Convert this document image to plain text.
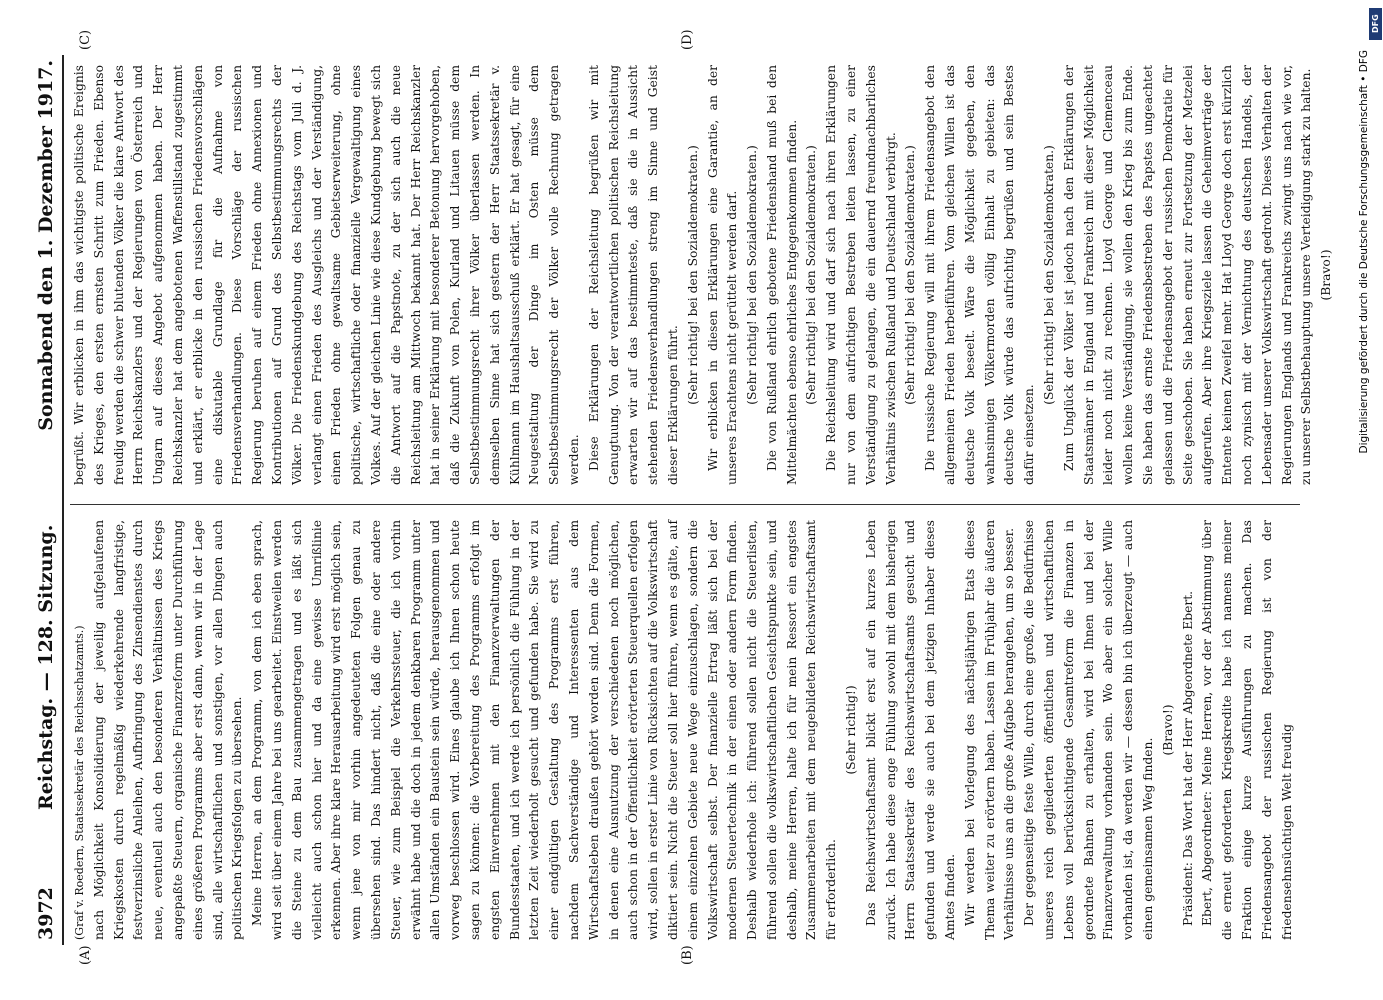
3972
Reichstag. — 128. Sitzung.
Sonnabend den 1. Dezember 1917.
(A)	(B)
(C)	(D)

(Graf v. Roedern, Staatssekretär des Reichsschatzamts.) nach Möglichkeit Konsolidierung der jeweilig aufgelaufenen Kriegskosten durch regelmäßig wiederkehrende langfristige, festverzinsliche Anleihen, Aufbringung des Zinsendienstes durch neue, eventuell auch den besonderen Verhältnissen des Kriegs angepaßte Steuern, organische Finanzreform unter Durchführung eines größeren Programms aber erst dann, wenn wir in der Lage sind, alle wirtschaftlichen und sonstigen, vor allen Dingen auch politischen Kriegsfolgen zu übersehen. Meine Herren, an dem Programm, von dem ich eben sprach, wird seit über einem Jahre bei uns gearbeitet. Einstweilen werden die Steine zu dem Bau zusammengetragen und es läßt sich vielleicht auch schon hier und da eine gewisse Umrißlinie erkennen. Aber ihre klare Herausarbeitung wird erst möglich sein, wenn jene von mir vorhin angedeuteten Folgen genau zu übersehen sind. Das hindert nicht, daß die eine oder andere Steuer, wie zum Beispiel die Verkehrssteuer, die ich vorhin erwähnt habe und die doch in jedem denkbaren Programm unter allen Umständen ein Baustein sein würde, herausgenommen und vorweg beschlossen wird. Eines glaube ich Ihnen schon heute sagen zu können: die Vorbereitung des Programms erfolgt im engsten Einvernehmen mit den Finanzverwaltungen der Bundesstaaten, und ich werde ich persönlich die Fühlung in der letzten Zeit wiederholt gesucht und gefunden habe. Sie wird zu einer endgültigen Gestaltung des Programms erst führen, nachdem Sachverständige und Interessenten aus dem Wirtschaftsleben draußen gehört worden sind. Denn die Formen, in denen eine Ausnutzung der verschiedenen noch möglichen, auch schon in der Öffentlichkeit erörterten Steuerquellen erfolgen wird, sollen in erster Linie von Rücksichten auf die Volkswirtschaft diktiert sein. Nicht die Steuer soll hier führen, wenn es gälte, auf einem einzelnen Gebiete neue Wege einzuschlagen, sondern die Volkswirtschaft selbst. Der finanzielle Ertrag läßt sich bei der modernen Steuertechnik in der einen oder andern Form finden. Deshalb wiederhole ich: führend sollen nicht die Steuerlisten, führend sollen die volkswirtschaftlichen Gesichtspunkte sein, und deshalb, meine Herren, halte ich für mein Ressort ein engstes Zusammenarbeiten mit dem neugebildeten Reichswirtschaftsamt für erforderlich.

(Sehr richtig!) Das Reichswirtschaftsamt blickt erst auf ein kurzes Leben zurück. Ich habe diese enge Fühlung sowohl mit dem bisherigen Herrn Staatssekretär des Reichswirtschaftsamts gesucht und gefunden und werde sie auch bei dem jetzigen Inhaber dieses Amtes finden. Wir werden bei Vorlegung des nächstjährigen Etats dieses Thema weiter zu erörtern haben. Lassen im Frühjahr die äußeren Verhältnisse uns an die große Aufgabe herangehen, um so besser. Der gegenseitige feste Wille, durch eine große, die Bedürfnisse unseres reich gegliederten öffentlichen und wirtschaftlichen Lebens voll berücksichtigende Gesamtreform die Finanzen in geordnete Bahnen zu erhalten, wird bei Ihnen und bei der Finanzverwaltung vorhanden sein. Wo aber ein solcher Wille vorhanden ist, da werden wir — dessen bin ich überzeugt — auch einen gemeinsamen Weg finden.

(Bravo!) Präsident: Das Wort hat der Herr Abgeordnete Ebert. Ebert, Abgeordneter: Meine Herren, vor der Abstimmung über die erneut geforderten Kriegskredite habe ich namens meiner Fraktion einige kurze Ausführungen zu machen. Das Friedensangebot der russischen Regierung ist von der friedensehnsüchtigen Welt freudig

begrüßt. Wir erblicken in ihm das wichtigste politische Ereignis des Krieges, den ersten ernsten Schritt zum Frieden. Ebenso freudig werden die schwer blutenden Völker die klare Antwort des Herrn Reichskanzlers und der Regierungen von Österreich und Ungarn auf dieses Angebot aufgenommen haben. Der Herr Reichskanzler hat dem angebotenen Waffenstillstand zugestimmt und erklärt, er erblicke in den russischen Friedensvorschlägen eine diskutable Grundlage für die Aufnahme von Friedensverhandlungen. Diese Vorschläge der russischen Regierung beruhen auf einem Frieden ohne Annexionen und Kontributionen auf Grund des Selbstbestimmungsrechts der Völker. Die Friedenskundgebung des Reichstags vom Juli d. J. verlangt einen Frieden des Ausgleichs und der Verständigung, einen Frieden ohne gewaltsame Gebietserweiterung, ohne politische, wirtschaftliche oder finanzielle Vergewaltigung eines Volkes. Auf der gleichen Linie wie diese Kundgebung bewegt sich die Antwort auf die Papstnote, zu der sich auch die neue Reichsleitung am Mittwoch bekannt hat. Der Herr Reichskanzler hat in seiner Erklärung mit besonderer Betonung hervorgehoben, daß die Zukunft von Polen, Kurland und Litauen müsse dem Selbstbestimmungsrecht ihrer Völker überlassen werden. In demselben Sinne hat sich gestern der Herr Staatssekretär v. Kühlmann im Haushaltsausschuß erklärt. Er hat gesagt, für eine Neugestaltung der Dinge im Osten müsse dem Selbstbestimmungsrecht der Völker volle Rechnung getragen werden. Diese Erklärungen der Reichsleitung begrüßen wir mit Genugtuung. Von der verantwortlichen politischen Reichsleitung erwarten wir auf das bestimmteste, daß sie die in Aussicht stehenden Friedensverhandlungen streng im Sinne und Geist dieser Erklärungen führt.

(Sehr richtig! bei den Sozialdemokraten.) Wir erblicken in diesen Erklärungen eine Garantie, an der unseres Erachtens nicht gerüttelt werden darf. (Sehr richtig! bei den Sozialdemokraten.) Die von Rußland ehrlich gebotene Friedenshand muß bei den Mittelmächten ebenso ehrliches Entgegenkommen finden. (Sehr richtig! bei den Sozialdemokraten.) Die Reichsleitung wird und darf sich nach ihren Erklärungen nur von dem aufrichtigen Bestreben leiten lassen, zu einer Verständigung zu gelangen, die ein dauernd freundnachbarliches Verhältnis zwischen Rußland und Deutschland verbürgt. (Sehr richtig! bei den Sozialdemokraten.) Die russische Regierung will mit ihrem Friedensangebot den allgemeinen Frieden herbeiführen. Vom gleichen Willen ist das deutsche Volk beseelt. Wäre die Möglichkeit gegeben, den wahnsinnigen Völkermorden völlig Einhalt zu gebieten: das deutsche Volk würde das aufrichtig begrüßen und sein Bestes dafür einsetzen.

(Sehr richtig! bei den Sozialdemokraten.) Zum Unglück der Völker ist jedoch nach den Erklärungen der Staatsmänner in England und Frankreich mit dieser Möglichkeit leider noch nicht zu rechnen. Lloyd George und Clemenceau wollen keine Verständigung, sie wollen den Krieg bis zum Ende. Sie haben das ernste Friedensbestreben des Papstes ungeachtet gelassen und die Friedensangebot der russischen Demokratie für Seite geschoben. Sie haben erneut zur Fortsetzung der Metzelei aufgerufen. Aber ihre Kriegsziele lassen die Geheimverträge der Entente keinen Zweifel mehr. Hat Lloyd George doch erst kürzlich noch zynisch mit der Vernichtung des deutschen Handels, der Lebensader unserer Volkswirtschaft gedroht. Dieses Verhalten der Regierungen Englands und Frankreichs zwingt uns nach wie vor, zu unserer Selbstbehauptung unsere Verteidigung stark zu halten. (Bravo!)	Digitalisierung gefördert durch die Deutsche Forschungsgemeinschaft • DFG
DFG
